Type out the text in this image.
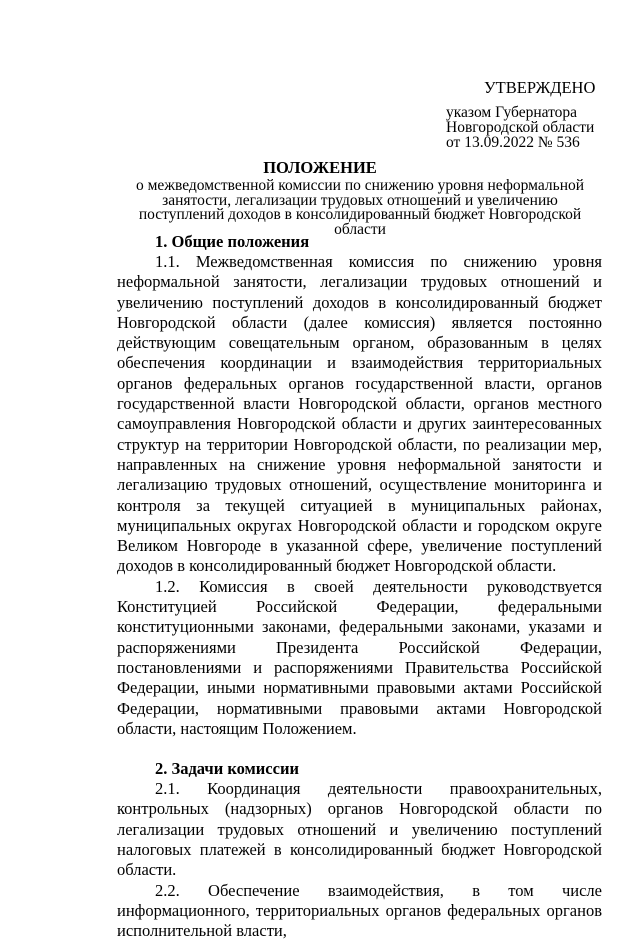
УТВЕРЖДЕНО
указом Губернатора
Новгородской области
от 13.09.2022 № 536
ПОЛОЖЕНИЕ
о межведомственной комиссии по снижению уровня неформальной занятости, легализации трудовых отношений и увеличению поступлений доходов в консолидированный бюджет Новгородской области

1. Общие положения

1.1. Межведомственная комиссия по снижению уровня неформальной занятости, легализации трудовых отношений и увеличению поступлений доходов в консолидированный бюджет Новгородской области (далее комиссия) является постоянно действующим совещательным органом, образованным в целях обеспечения координации и взаимодействия территориальных органов федеральных органов государственной власти, органов государственной власти Новгородской области, органов местного самоуправления Новгородской области и других заинтересованных структур на территории Новгородской области, по реализации мер, направленных на снижение уровня неформальной занятости и легализацию трудовых отношений, осуществление мониторинга и контроля за текущей ситуацией в муниципальных районах, муниципальных округах Новгородской области и городском округе Великом Новгороде в указанной сфере, увеличение поступлений доходов в консолидированный бюджет Новгородской области.

1.2. Комиссия в своей деятельности руководствуется Конституцией Российской Федерации, федеральными конституционными законами, федеральными законами, указами и распоряжениями Президента Российской Федерации, постановлениями и распоряжениями Правительства Российской Федерации, иными нормативными правовыми актами Российской Федерации, нормативными правовыми актами Новгородской области, настоящим Положением.

2. Задачи комиссии

2.1. Координация деятельности правоохранительных, контрольных (надзорных) органов Новгородской области по легализации трудовых отношений и увеличению поступлений налоговых платежей в консолидированный бюджет Новгородской области.

2.2. Обеспечение взаимодействия, в том числе информационного, территориальных органов федеральных органов исполнительной власти,
